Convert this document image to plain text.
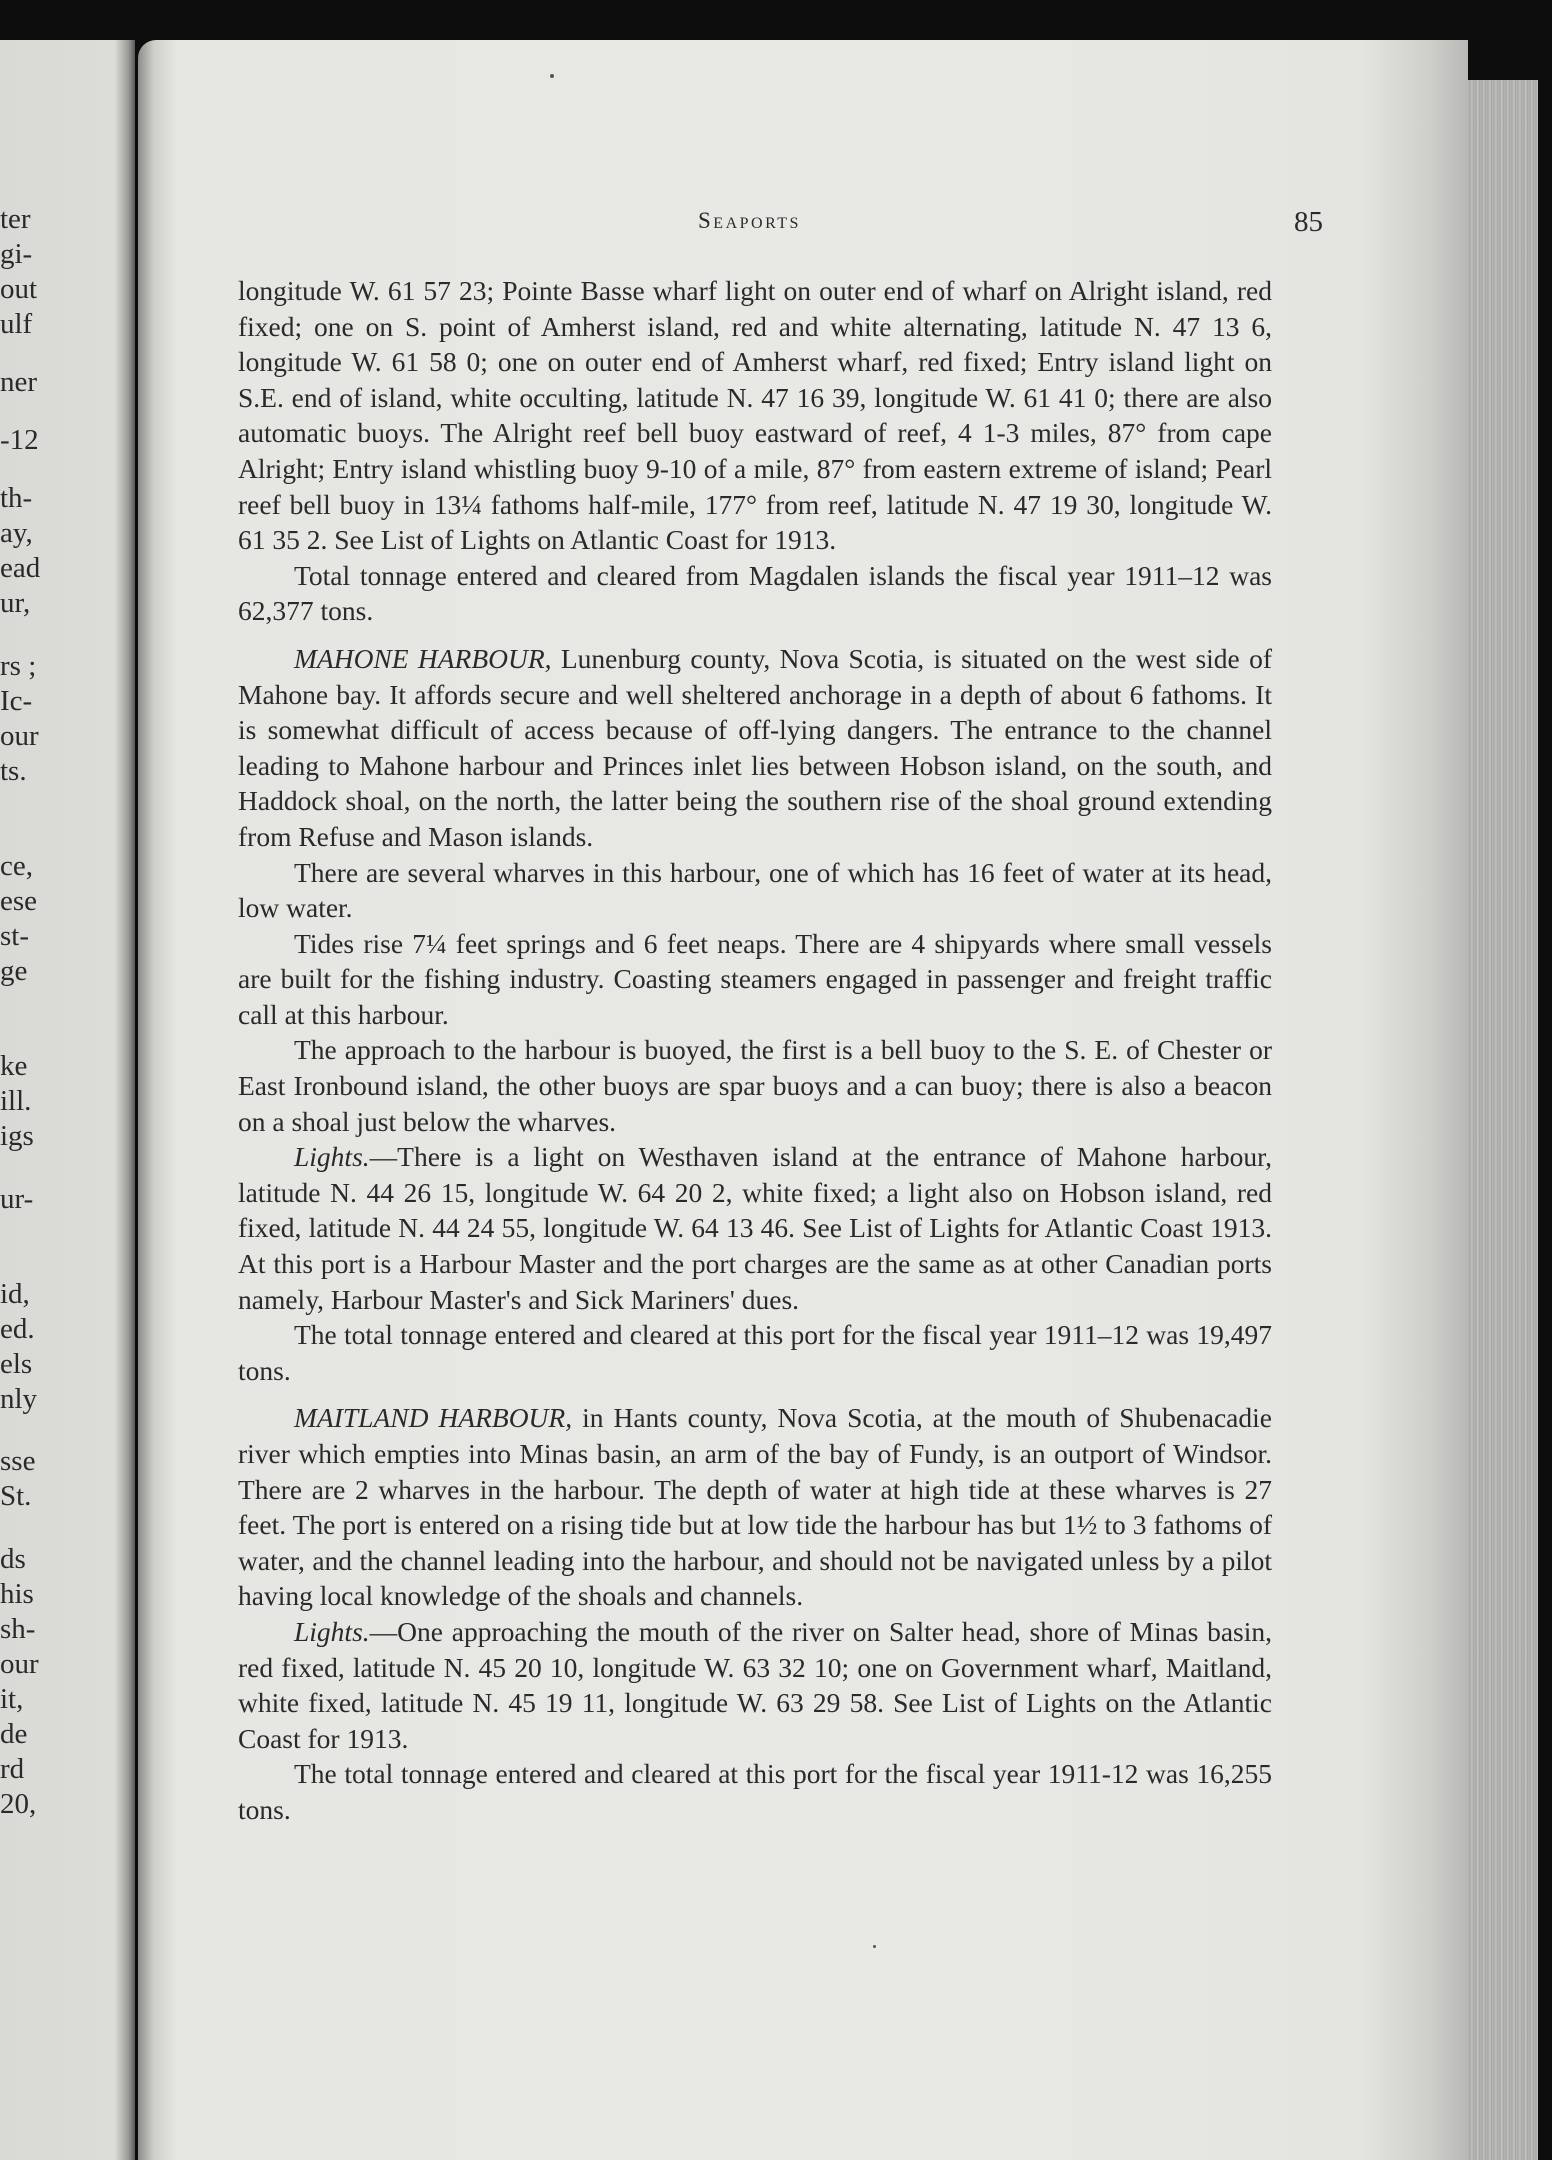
ter
gi-
out
ulf
ner
-12
th-
ay,
ead
ur,
rs ;
Ic-
our
ts.
ce,
ese
st-
ge
ke
ill.
igs
ur-
id,
ed.
els
nly
sse
St.
ds
his
sh-
our
it,
de
rd
20,
Seaports	85

longitude W. 61 57 23; Pointe Basse wharf light on outer end of wharf on Alright island, red fixed; one on S. point of Amherst island, red and white alternating, latitude N. 47 13 6, longitude W. 61 58 0; one on outer end of Amherst wharf, red fixed; Entry island light on S.E. end of island, white occulting, latitude N. 47 16 39, longitude W. 61 41 0; there are also automatic buoys. The Alright reef bell buoy eastward of reef, 4 1-3 miles, 87° from cape Alright; Entry island whistling buoy 9-10 of a mile, 87° from eastern extreme of island; Pearl reef bell buoy in 13¼ fathoms half-mile, 177° from reef, latitude N. 47 19 30, longitude W. 61 35 2. See List of Lights on Atlantic Coast for 1913.

Total tonnage entered and cleared from Magdalen islands the fiscal year 1911–12 was 62,377 tons.

MAHONE HARBOUR, Lunenburg county, Nova Scotia, is situated on the west side of Mahone bay. It affords secure and well sheltered anchorage in a depth of about 6 fathoms. It is somewhat difficult of access because of off-lying dangers. The entrance to the channel leading to Mahone harbour and Princes inlet lies between Hobson island, on the south, and Haddock shoal, on the north, the latter being the southern rise of the shoal ground extending from Refuse and Mason islands.

There are several wharves in this harbour, one of which has 16 feet of water at its head, low water.

Tides rise 7¼ feet springs and 6 feet neaps. There are 4 shipyards where small vessels are built for the fishing industry. Coasting steamers engaged in passenger and freight traffic call at this harbour.

The approach to the harbour is buoyed, the first is a bell buoy to the S. E. of Chester or East Ironbound island, the other buoys are spar buoys and a can buoy; there is also a beacon on a shoal just below the wharves.

Lights.—There is a light on Westhaven island at the entrance of Mahone harbour, latitude N. 44 26 15, longitude W. 64 20 2, white fixed; a light also on Hobson island, red fixed, latitude N. 44 24 55, longitude W. 64 13 46. See List of Lights for Atlantic Coast 1913. At this port is a Harbour Master and the port charges are the same as at other Canadian ports namely, Harbour Master's and Sick Mariners' dues.

The total tonnage entered and cleared at this port for the fiscal year 1911–12 was 19,497 tons.

MAITLAND HARBOUR, in Hants county, Nova Scotia, at the mouth of Shubenacadie river which empties into Minas basin, an arm of the bay of Fundy, is an outport of Windsor. There are 2 wharves in the harbour. The depth of water at high tide at these wharves is 27 feet. The port is entered on a rising tide but at low tide the harbour has but 1½ to 3 fathoms of water, and the channel leading into the harbour, and should not be navigated unless by a pilot having local knowledge of the shoals and channels.

Lights.—One approaching the mouth of the river on Salter head, shore of Minas basin, red fixed, latitude N. 45 20 10, longitude W. 63 32 10; one on Government wharf, Maitland, white fixed, latitude N. 45 19 11, longitude W. 63 29 58. See List of Lights on the Atlantic Coast for 1913.

The total tonnage entered and cleared at this port for the fiscal year 1911-12 was 16,255 tons.
